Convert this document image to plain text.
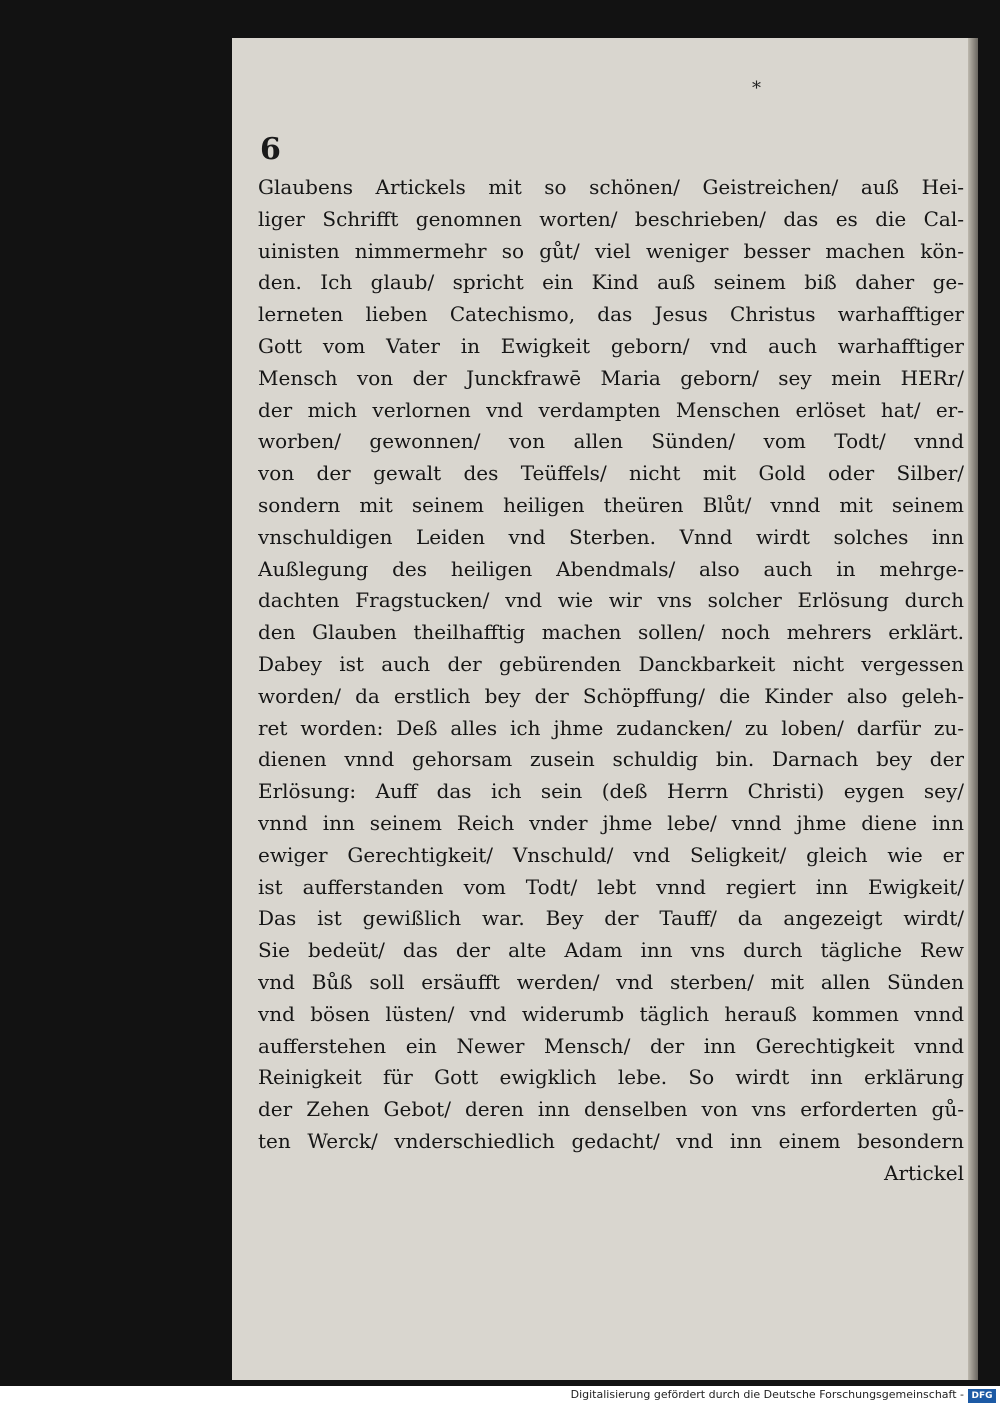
*
6
Glaubens Artickels mit so schönen/ Geistreichen/ auß Hei-
liger Schrifft genomnen worten/ beschrieben/ das es die Cal-
uinisten nimmermehr so gůt/ viel weniger besser machen kön-
den. Ich glaub/ spricht ein Kind auß seinem biß daher ge-
lerneten lieben Catechismo, das Jesus Christus warhafftiger
Gott vom Vater in Ewigkeit geborn/ vnd auch warhafftiger
Mensch von der Junckfrawē Maria geborn/ sey mein HERr/
der mich verlornen vnd verdampten Menschen erlöset hat/ er-
worben/ gewonnen/ von allen Sünden/ vom Todt/ vnnd
von der gewalt des Teüffels/ nicht mit Gold oder Silber/
sondern mit seinem heiligen theüren Blůt/ vnnd mit seinem
vnschuldigen Leiden vnd Sterben. Vnnd wirdt solches inn
Außlegung des heiligen Abendmals/ also auch in mehrge-
dachten Fragstucken/ vnd wie wir vns solcher Erlösung durch
den Glauben theilhafftig machen sollen/ noch mehrers erklärt.
Dabey ist auch der gebürenden Danckbarkeit nicht vergessen
worden/ da erstlich bey der Schöpffung/ die Kinder also geleh-
ret worden: Deß alles ich jhme zudancken/ zu loben/ darfür zu-
dienen vnnd gehorsam zusein schuldig bin. Darnach bey der
Erlösung: Auff das ich sein (deß Herrn Christi) eygen sey/
vnnd inn seinem Reich vnder jhme lebe/ vnnd jhme diene inn
ewiger Gerechtigkeit/ Vnschuld/ vnd Seligkeit/ gleich wie er
ist aufferstanden vom Todt/ lebt vnnd regiert inn Ewigkeit/
Das ist gewißlich war. Bey der Tauff/ da angezeigt wirdt/
Sie bedeüt/ das der alte Adam inn vns durch tägliche Rew
vnd Bůß soll ersäufft werden/ vnd sterben/ mit allen Sünden
vnd bösen lüsten/ vnd widerumb täglich herauß kommen vnnd
aufferstehen ein Newer Mensch/ der inn Gerechtigkeit vnnd
Reinigkeit für Gott ewigklich lebe. So wirdt inn erklärung
der Zehen Gebot/ deren inn denselben von vns erforderten gů-
ten Werck/ vnderschiedlich gedacht/ vnd inn einem besondern
Artickel
Digitalisierung gefördert durch die Deutsche Forschungsgemeinschaft - DFG
